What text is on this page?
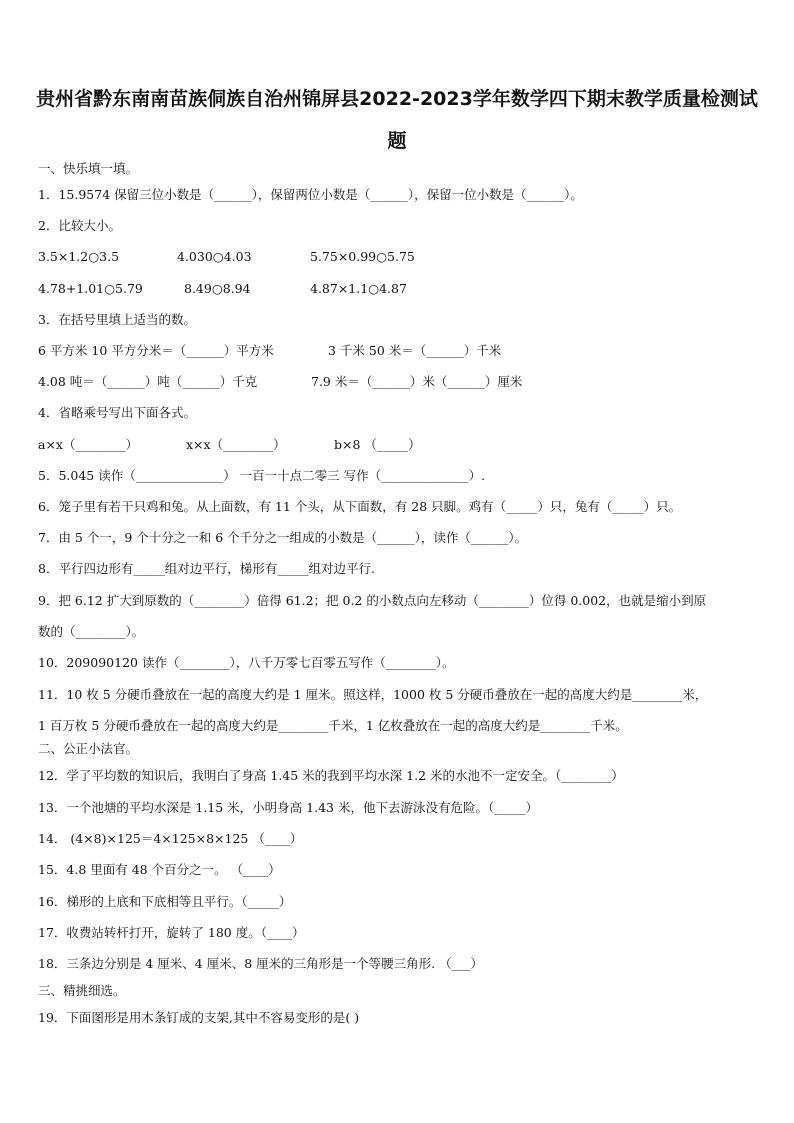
贵州省黔东南南苗族侗族自治州锦屏县2022-2023学年数学四下期末教学质量检测试
题
一、快乐填一填。
1．15.9574 保留三位小数是（______），保留两位小数是（______），保留一位小数是（______）。
2．比较大小。
3.5×1.2○3.5	4.030○4.03	5.75×0.99○5.75
4.78+1.01○5.79	8.49○8.94	4.87×1.1○4.87
3．在括号里填上适当的数。
6 平方米 10 平方分米＝（______）平方米	3 千米 50 米＝（______）千米
4.08 吨＝（______）吨（______）千克	7.9 米＝（______）米（______）厘米
4．省略乘号写出下面各式。
a×x（________）	x×x（________）	b×8 （_____）
5．5.045 读作（______________） 一百一十点二零三 写作（______________）.
6．笼子里有若干只鸡和兔。从上面数，有 11 个头，从下面数，有 28 只脚。鸡有（_____）只，兔有（_____）只。
7．由 5 个一，9 个十分之一和 6 个千分之一组成的小数是（______），读作（______）。
8．平行四边形有_____组对边平行，梯形有_____组对边平行.
9．把 6.12 扩大到原数的（________）倍得 61.2；把 0.2 的小数点向左移动（________）位得 0.002，也就是缩小到原
数的（________）。
10．209090120 读作（________），八千万零七百零五写作（________）。
11．10 枚 5 分硬币叠放在一起的高度大约是 1 厘米。照这样，1000 枚 5 分硬币叠放在一起的高度大约是________米，
1 百万枚 5 分硬币叠放在一起的高度大约是________千米，1 亿枚叠放在一起的高度大约是________千米。
二、公正小法官。
12．学了平均数的知识后，我明白了身高 1.45 米的我到平均水深 1.2 米的水池不一定安全。（________）
13．一个池塘的平均水深是 1.15 米，小明身高 1.43 米，他下去游泳没有危险。（_____）
14． (4×8)×125＝4×125×8×125 （____）
15．4.8 里面有 48 个百分之一。 （____）
16．梯形的上底和下底相等且平行。（_____）
17．收费站转杆打开，旋转了 180 度。（____）
18．三条边分别是 4 厘米、4 厘米、8 厘米的三角形是一个等腰三角形. （___）
三、精挑细选。
19．下面图形是用木条钉成的支架,其中不容易变形的是( )
